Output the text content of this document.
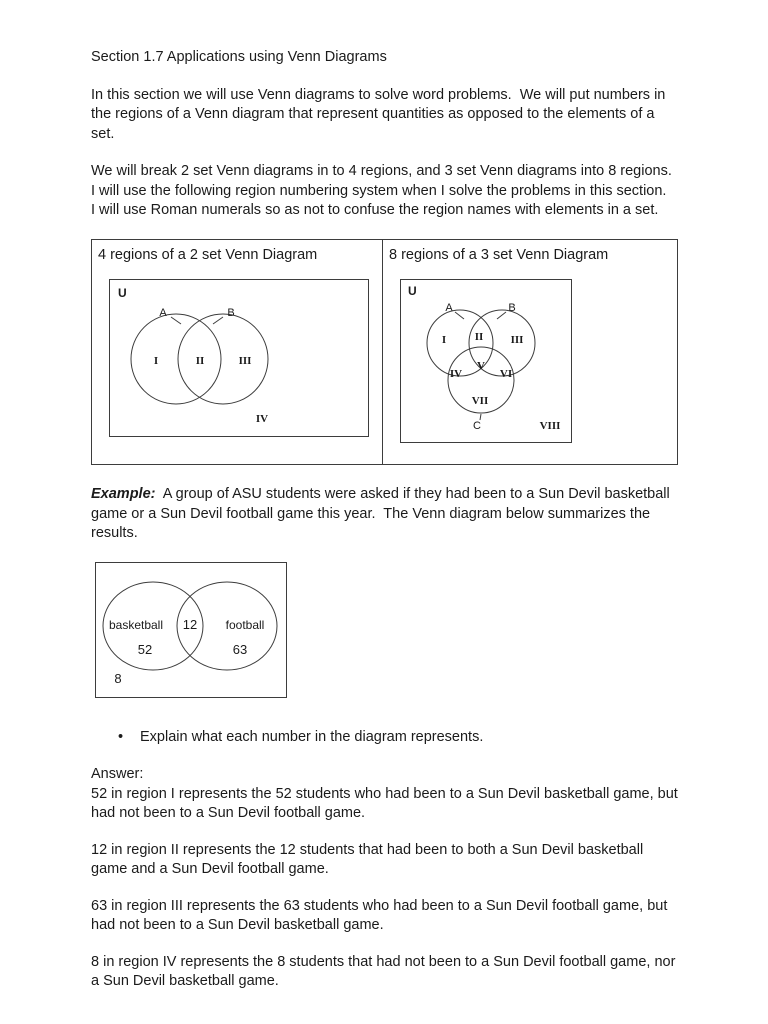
Section 1.7 Applications using Venn Diagrams

In this section we will use Venn diagrams to solve word problems.  We will put numbers in the regions of a Venn diagram that represent quantities as opposed to the elements of a set.

We will break 2 set Venn diagrams in to 4 regions, and 3 set Venn diagrams into 8 regions.  I will use the following region numbering system when I solve the problems in this section.  I will use Roman numerals so as not to confuse the region names with elements in a set.

4 regions of a 2 set Venn Diagram
U
A	B
I	II	III
IV
8 regions of a 3 set Venn Diagram
U
A	B
C
I	II III
IV
V
VI
VII
VIII

Example:  A group of ASU students were asked if they had been to a Sun Devil basketball game or a Sun Devil football game this year.  The Venn diagram below summarizes the results.

basketball 12 football
52	63
8
•	Explain what each number in the diagram represents.

Answer:

52 in region I represents the 52 students who had been to a Sun Devil basketball game, but had not been to a Sun Devil football game.

12 in region II represents the 12 students that had been to both a Sun Devil basketball game and a Sun Devil football game.

63 in region III represents the 63 students who had been to a Sun Devil football game, but had not been to a Sun Devil basketball game.

8 in region IV represents the 8 students that had not been to a Sun Devil football game, nor a Sun Devil basketball game.
